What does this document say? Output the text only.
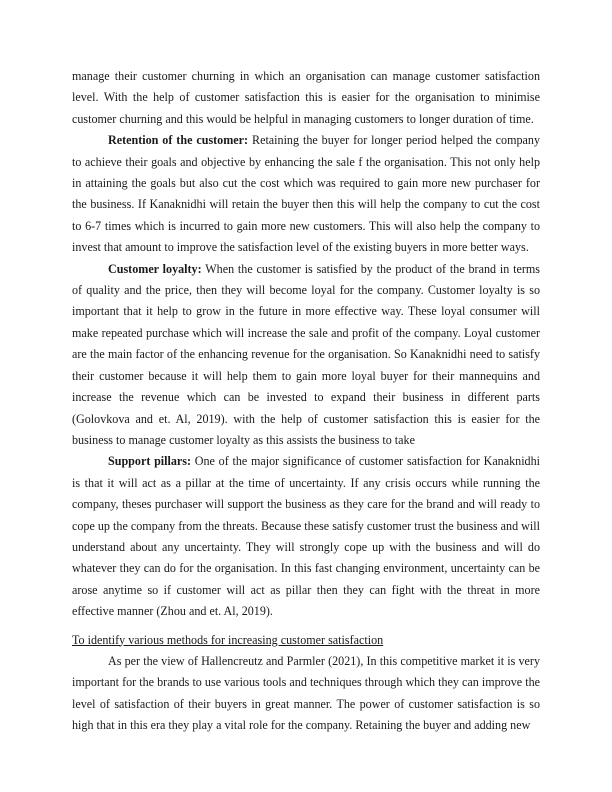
manage their customer churning in which an organisation can manage customer satisfaction level. With the help of customer satisfaction this is easier for the organisation to minimise customer churning and this would be helpful in managing customers to longer duration of time.

Retention of the customer: Retaining the buyer for longer period helped the company to achieve their goals and objective by enhancing the sale f the organisation. This not only help in attaining the goals but also cut the cost which was required to gain more new purchaser for the business. If Kanaknidhi will retain the buyer then this will help the company to cut the cost to 6-7 times which is incurred to gain more new customers. This will also help the company to invest that amount to improve the satisfaction level of the existing buyers in more better ways.

Customer loyalty: When the customer is satisfied by the product of the brand in terms of quality and the price, then they will become loyal for the company. Customer loyalty is so important that it help to grow in the future in more effective way. These loyal consumer will make repeated purchase which will increase the sale and profit of the company. Loyal customer are the main factor of the enhancing revenue for the organisation. So Kanaknidhi need to satisfy their customer because it will help them to gain more loyal buyer for their mannequins and increase the revenue which can be invested to expand their business in different parts (Golovkova and et. Al, 2019). with the help of customer satisfaction this is easier for the business to manage customer loyalty as this assists the business to take

Support pillars: One of the major significance of customer satisfaction for Kanaknidhi is that it will act as a pillar at the time of uncertainty. If any crisis occurs while running the company, theses purchaser will support the business as they care for the brand and will ready to cope up the company from the threats. Because these satisfy customer trust the business and will understand about any uncertainty. They will strongly cope up with the business and will do whatever they can do for the organisation. In this fast changing environment, uncertainty can be arose anytime so if customer will act as pillar then they can fight with the threat in more effective manner (Zhou and et. Al, 2019).

To identify various methods for increasing customer satisfaction

As per the view of Hallencreutz and Parmler (2021), In this competitive market it is very important for the brands to use various tools and techniques through which they can improve the level of satisfaction of their buyers in great manner. The power of customer satisfaction is so high that in this era they play a vital role for the company. Retaining the buyer and adding new
